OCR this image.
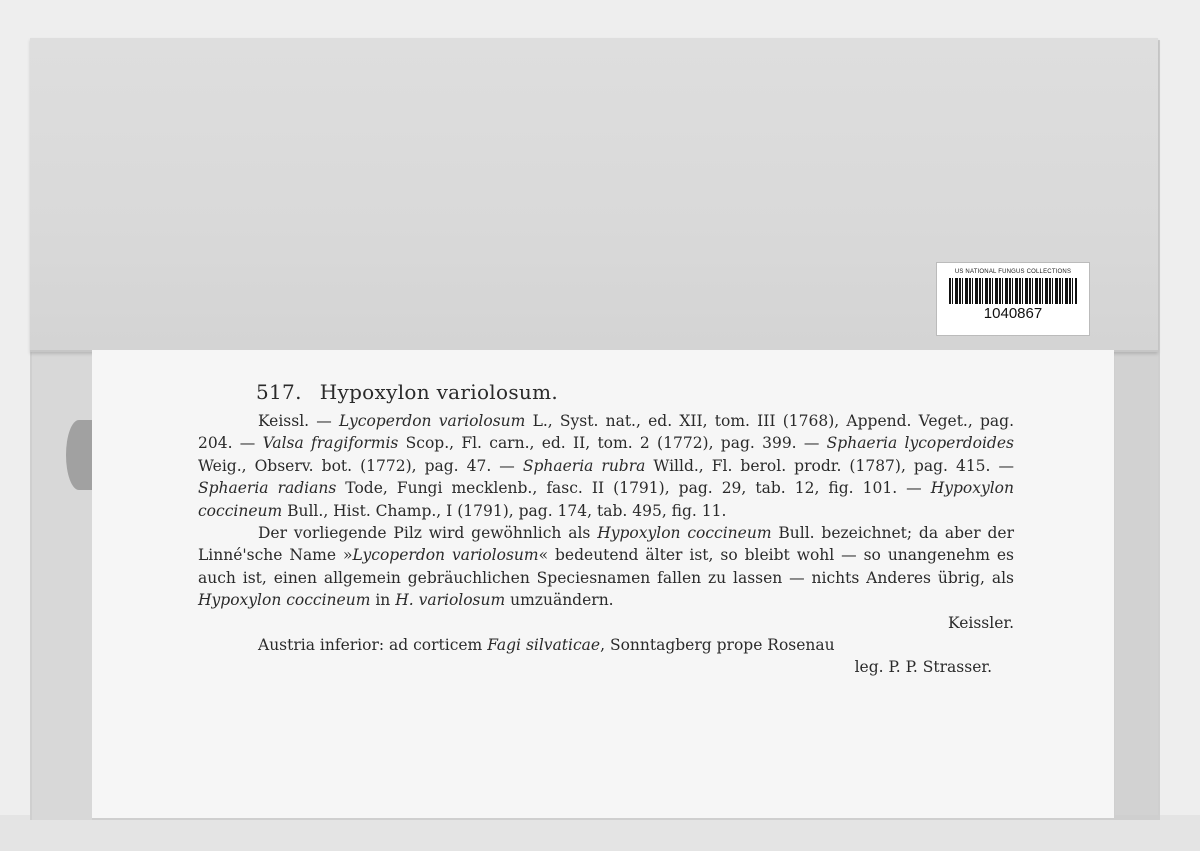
US NATIONAL FUNGUS COLLECTIONS
1040867
517. Hypoxylon variolosum.
Keissl. — Lycoperdon variolosum L., Syst. nat., ed. XII, tom. III (1768), Append. Veget., pag. 204. — Valsa fragiformis Scop., Fl. carn., ed. II, tom. 2 (1772), pag. 399. — Sphaeria lycoperdoides Weig., Observ. bot. (1772), pag. 47. — Sphaeria rubra Willd., Fl. berol. prodr. (1787), pag. 415. — Sphaeria radians Tode, Fungi mecklenb., fasc. II (1791), pag. 29, tab. 12, fig. 101. — Hypoxylon coccineum Bull., Hist. Champ., I (1791), pag. 174, tab. 495, fig. 11.
Der vorliegende Pilz wird gewöhnlich als Hypoxylon coccineum Bull. bezeichnet; da aber der Linné'sche Name »Lycoperdon variolosum« bedeutend älter ist, so bleibt wohl — so unangenehm es auch ist, einen allgemein gebräuchlichen Speciesnamen fallen zu lassen — nichts Anderes übrig, als Hypoxylon coccineum in H. variolosum umzuändern.
Keissler.
Austria inferior: ad corticem Fagi silvaticae, Sonntagberg prope Rosenau
leg. P. P. Strasser.
